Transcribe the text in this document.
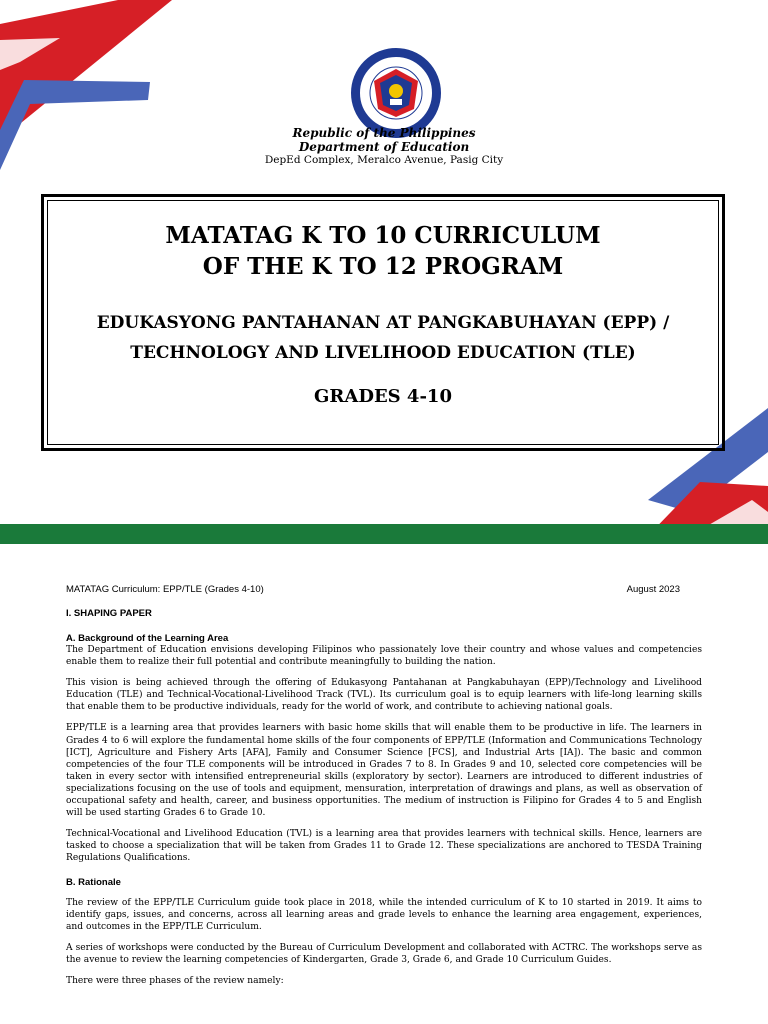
Republic of the Philippines
Department of Education
DepEd Complex, Meralco Avenue, Pasig City
MATATAG K TO 10 CURRICULUM
OF THE K TO 12 PROGRAM
EDUKASYONG PANTAHANAN AT PANGKABUHAYAN (EPP) /
TECHNOLOGY AND LIVELIHOOD EDUCATION (TLE)
GRADES 4-10
MATATAG Curriculum: EPP/TLE (Grades 4-10)	August 2023
I. SHAPING PAPER
A. Background of the Learning Area

The Department of Education envisions developing Filipinos who passionately love their country and whose values and competencies enable them to realize their full potential and contribute meaningfully to building the nation.

This vision is being achieved through the offering of Edukasyong Pantahanan at Pangkabuhayan (EPP)/Technology and Livelihood Education (TLE) and Technical-Vocational-Livelihood Track (TVL). Its curriculum goal is to equip learners with life-long learning skills that enable them to be productive individuals, ready for the world of work, and contribute to achieving national goals.

EPP/TLE is a learning area that provides learners with basic home skills that will enable them to be productive in life. The learners in Grades 4 to 6 will explore the fundamental home skills of the four components of EPP/TLE (Information and Communications Technology [ICT], Agriculture and Fishery Arts [AFA], Family and Consumer Science [FCS], and Industrial Arts [IA]). The basic and common competencies of the four TLE components will be introduced in Grades 7 to 8. In Grades 9 and 10, selected core competencies will be taken in every sector with intensified entrepreneurial skills (exploratory by sector). Learners are introduced to different industries of specializations focusing on the use of tools and equipment, mensuration, interpretation of drawings and plans, as well as observation of occupational safety and health, career, and business opportunities. The medium of instruction is Filipino for Grades 4 to 5 and English will be used starting Grades 6 to Grade 10.

Technical-Vocational and Livelihood Education (TVL) is a learning area that provides learners with technical skills. Hence, learners are tasked to choose a specialization that will be taken from Grades 11 to Grade 12. These specializations are anchored to TESDA Training Regulations Qualifications.

B. Rationale

The review of the EPP/TLE Curriculum guide took place in 2018, while the intended curriculum of K to 10 started in 2019. It aims to identify gaps, issues, and concerns, across all learning areas and grade levels to enhance the learning area engagement, experiences, and outcomes in the EPP/TLE Curriculum.

A series of workshops were conducted by the Bureau of Curriculum Development and collaborated with ACTRC. The workshops serve as the avenue to review the learning competencies of Kindergarten, Grade 3, Grade 6, and Grade 10 Curriculum Guides.

There were three phases of the review namely:
